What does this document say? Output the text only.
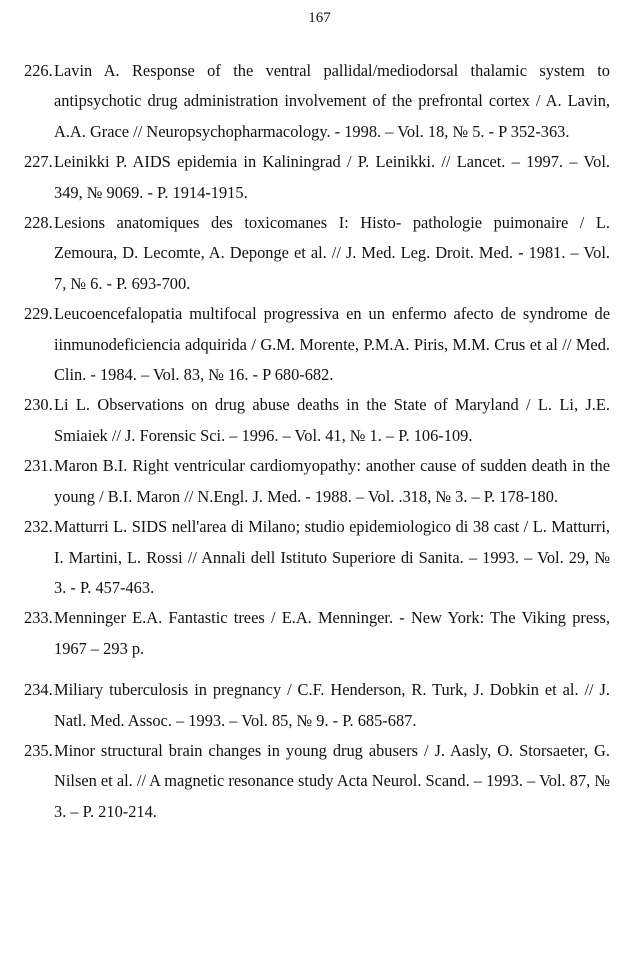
167
226. Lavin A. Response of the ventral pallidal/mediodorsal thalamic system to antipsychotic drug administration involvement of the prefrontal cortex / A. Lavin, A.A. Grace // Neuropsychopharmacology. - 1998. – Vol. 18, № 5. - P 352-363.
227. Leinikki P. AIDS epidemia in Kaliningrad / P. Leinikki. // Lancet. – 1997. – Vol. 349, № 9069. - P. 1914-1915.
228. Lesions anatomiques des toxicomanes I: Histo- pathologie puimonaire / L. Zemoura, D. Lecomte, A. Deponge et al. // J. Med. Leg. Droit. Med. - 1981. – Vol. 7, № 6. - P. 693-700.
229. Leucoencefalopatia multifocal progressiva en un enfermo afecto de syndrome de iinmunodeficiencia adquirida / G.M. Morente, P.M.A. Piris, M.M. Crus et al // Med. Clin. - 1984. – Vol. 83, № 16. - P 680-682.
230. Li L. Observations on drug abuse deaths in the State of Maryland / L. Li, J.E. Smiaiek // J. Forensic Sci. – 1996. – Vol. 41, № 1. – P. 106-109.
231. Maron B.I. Right ventricular cardiomyopathy: another cause of sudden death in the young / B.I. Maron // N.Engl. J. Med. - 1988. – Vol. .318, № 3. – P. 178-180.
232. Matturri L. SIDS nell'area di Milano; studio epidemiologico di 38 cast / L. Matturri, I. Martini, L. Rossi // Annali dell Istituto Superiore di Sanita. – 1993. – Vol. 29, № 3. - P. 457-463.
233. Menninger E.A. Fantastic trees / E.A. Menninger. - New York: The Viking press, 1967 – 293 p.
234. Miliary tuberculosis in pregnancy / C.F. Henderson, R. Turk, J. Dobkin et al. // J. Natl. Med. Assoc. – 1993. – Vol. 85, № 9. - P. 685-687.
235. Minor structural brain changes in young drug abusers / J. Aasly, O. Storsaeter, G. Nilsen et al. // A magnetic resonance study Acta Neurol. Scand. – 1993. – Vol. 87, № 3. – P. 210-214.
